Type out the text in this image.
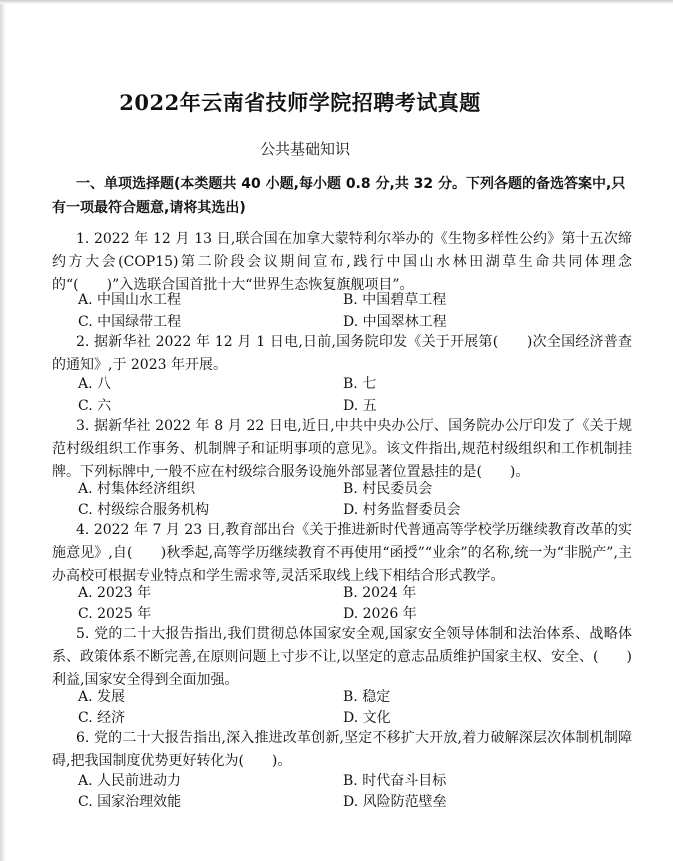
2022年云南省技师学院招聘考试真题
公共基础知识
一、单项选择题(本类题共 40 小题,每小题 0.8 分,共 32 分。下列各题的备选答案中,只有一项最符合题意,请将其选出)
1. 2022 年 12 月 13 日,联合国在加拿大蒙特利尔举办的《生物多样性公约》第十五次缔约方大会(COP15)第二阶段会议期间宣布,践行中国山水林田湖草生命共同体理念的“(　　)”入选联合国首批十大“世界生态恢复旗舰项目”。
A. 中国山水工程	B. 中国碧草工程
C. 中国绿带工程	D. 中国翠林工程
2. 据新华社 2022 年 12 月 1 日电,日前,国务院印发《关于开展第(　　)次全国经济普查的通知》,于 2023 年开展。
A. 八	B. 七
C. 六	D. 五
3. 据新华社 2022 年 8 月 22 日电,近日,中共中央办公厅、国务院办公厅印发了《关于规范村级组织工作事务、机制牌子和证明事项的意见》。该文件指出,规范村级组织和工作机制挂牌。下列标牌中,一般不应在村级综合服务设施外部显著位置悬挂的是(　　)。
A. 村集体经济组织	B. 村民委员会
C. 村级综合服务机构	D. 村务监督委员会
4. 2022 年 7 月 23 日,教育部出台《关于推进新时代普通高等学校学历继续教育改革的实施意见》,自(　　)秋季起,高等学历继续教育不再使用“函授”“业余”的名称,统一为“非脱产”,主办高校可根据专业特点和学生需求等,灵活采取线上线下相结合形式教学。
A. 2023 年	B. 2024 年
C. 2025 年	D. 2026 年
5. 党的二十大报告指出,我们贯彻总体国家安全观,国家安全领导体制和法治体系、战略体系、政策体系不断完善,在原则问题上寸步不让,以坚定的意志品质维护国家主权、安全、(　　)利益,国家安全得到全面加强。
A. 发展	B. 稳定
C. 经济	D. 文化
6. 党的二十大报告指出,深入推进改革创新,坚定不移扩大开放,着力破解深层次体制机制障碍,把我国制度优势更好转化为(　　)。
A. 人民前进动力	B. 时代奋斗目标
C. 国家治理效能	D. 风险防范壁垒
